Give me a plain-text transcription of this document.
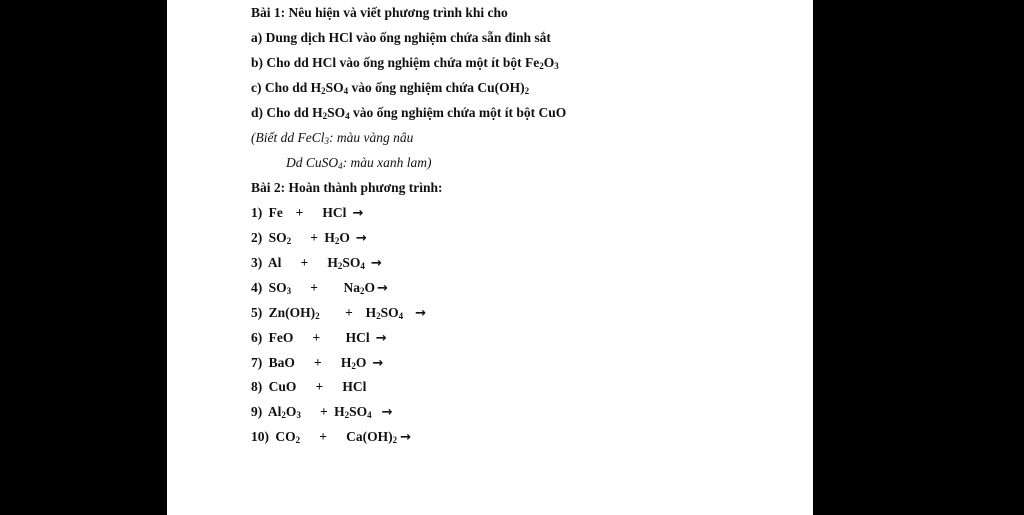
Bài 1: Nêu hiện và viết phương trình khi cho
a) Dung dịch HCl vào ống nghiệm chứa sẵn đinh sắt
b) Cho dd HCl vào ống nghiệm chứa một ít bột $Fe_2O_3$
c) Cho dd $H_2SO_4$ vào ống nghiệm chứa $Cu(OH)_2$
d) Cho dd $H_2SO_4$ vào ống nghiệm chứa một ít bột CuO
(Biết dd FeCl$_3$: màu vàng nâu
Dd CuSO$_4$: màu xanh lam)
Bài 2: Hoàn thành phương trình:
1) Fe  +   HCl →
2) $SO_2 + H_2O$ →
3) $Al + H_2SO_4$ →
4) $SO_3$   +    $Na_2O$ →
5) $Zn(OH)_2$    +  $H_2SO_4$ →
6) FeO   +    HCl →
7) BaO   +   $H_2O$ →
8) CuO   +   HCl
9) $Al_2O_3 + H_2SO_4$ →
10) $CO_2 + Ca(OH)_2$ →
